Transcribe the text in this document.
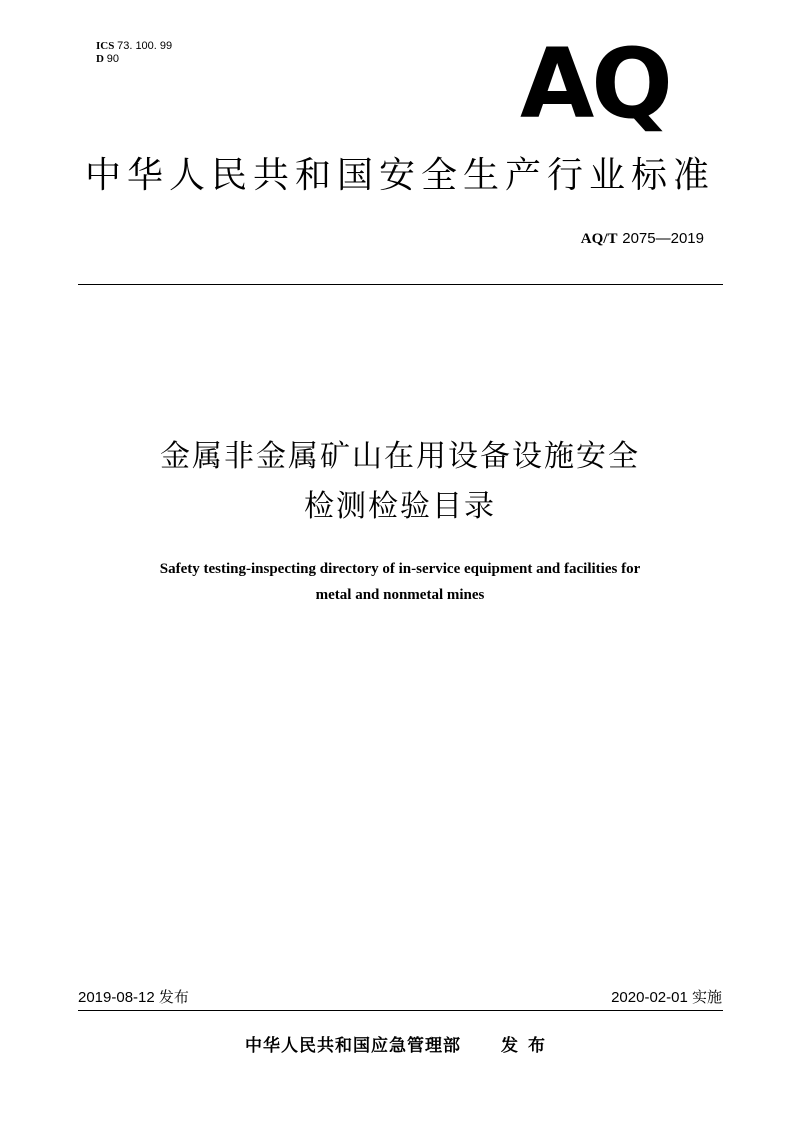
ICS 73. 100. 99
D 90	AQ
中华人民共和国安全生产行业标准
AQ/T 2075—2019
金属非金属矿山在用设备设施安全
检测检验目录
Safety testing-inspecting directory of in-service equipment and facilities for
metal and nonmetal mines
2019-08-12 发布	2020-02-01 实施
中华人民共和国应急管理部 发布
